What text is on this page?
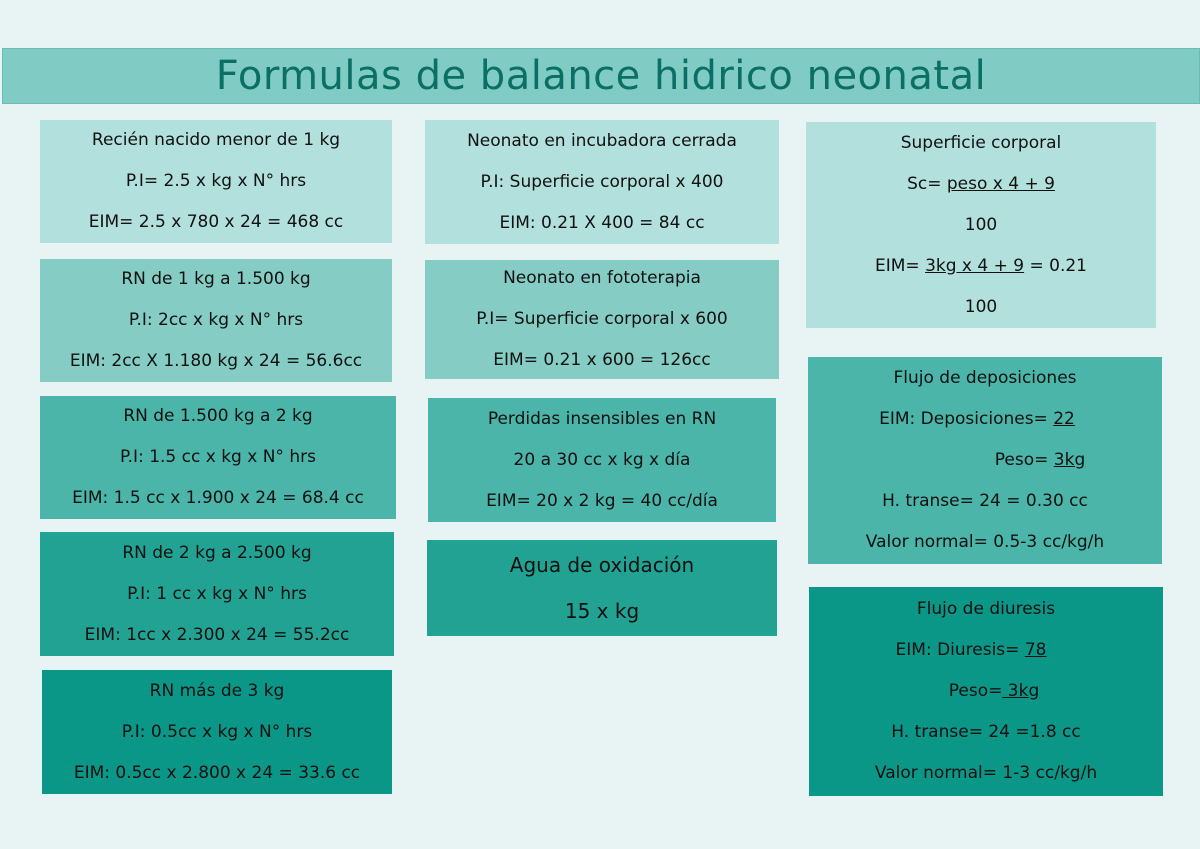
Formulas de balance hidrico neonatal
Recién nacido menor de 1 kg
P.I= 2.5 x kg x N° hrs
EIM= 2.5 x 780 x 24 = 468 cc
RN de 1 kg a 1.500 kg
P.I: 2cc x kg x N° hrs
EIM: 2cc X 1.180 kg x 24 = 56.6cc
RN de 1.500 kg a 2 kg
P.I: 1.5 cc x kg x N° hrs
EIM: 1.5 cc x 1.900 x 24 = 68.4 cc
RN de 2 kg a 2.500 kg
P.I: 1 cc x kg x N° hrs
EIM: 1cc x 2.300 x 24 = 55.2cc
RN más de 3 kg
P.I: 0.5cc x kg x N° hrs
EIM: 0.5cc x 2.800 x 24 = 33.6 cc
Neonato en incubadora cerrada
P.I: Superficie corporal x 400
EIM: 0.21 X 400 = 84 cc
Neonato en fototerapia
P.I= Superficie corporal x 600
EIM= 0.21 x 600 = 126cc
Perdidas insensibles en RN
20 a 30 cc x kg x día
EIM= 20 x 2 kg = 40 cc/día
Agua de oxidación
15 x kg
Superficie corporal
Sc= peso x 4 + 9
100
EIM= 3kg x 4 + 9 = 0.21
100
Flujo de deposiciones
EIM: Deposiciones= 22
Peso= 3kg
H. transe= 24 = 0.30 cc
Valor normal= 0.5-3 cc/kg/h
Flujo de diuresis
EIM: Diuresis= 78
Peso= 3kg
H. transe= 24 =1.8 cc
Valor normal= 1-3 cc/kg/h
